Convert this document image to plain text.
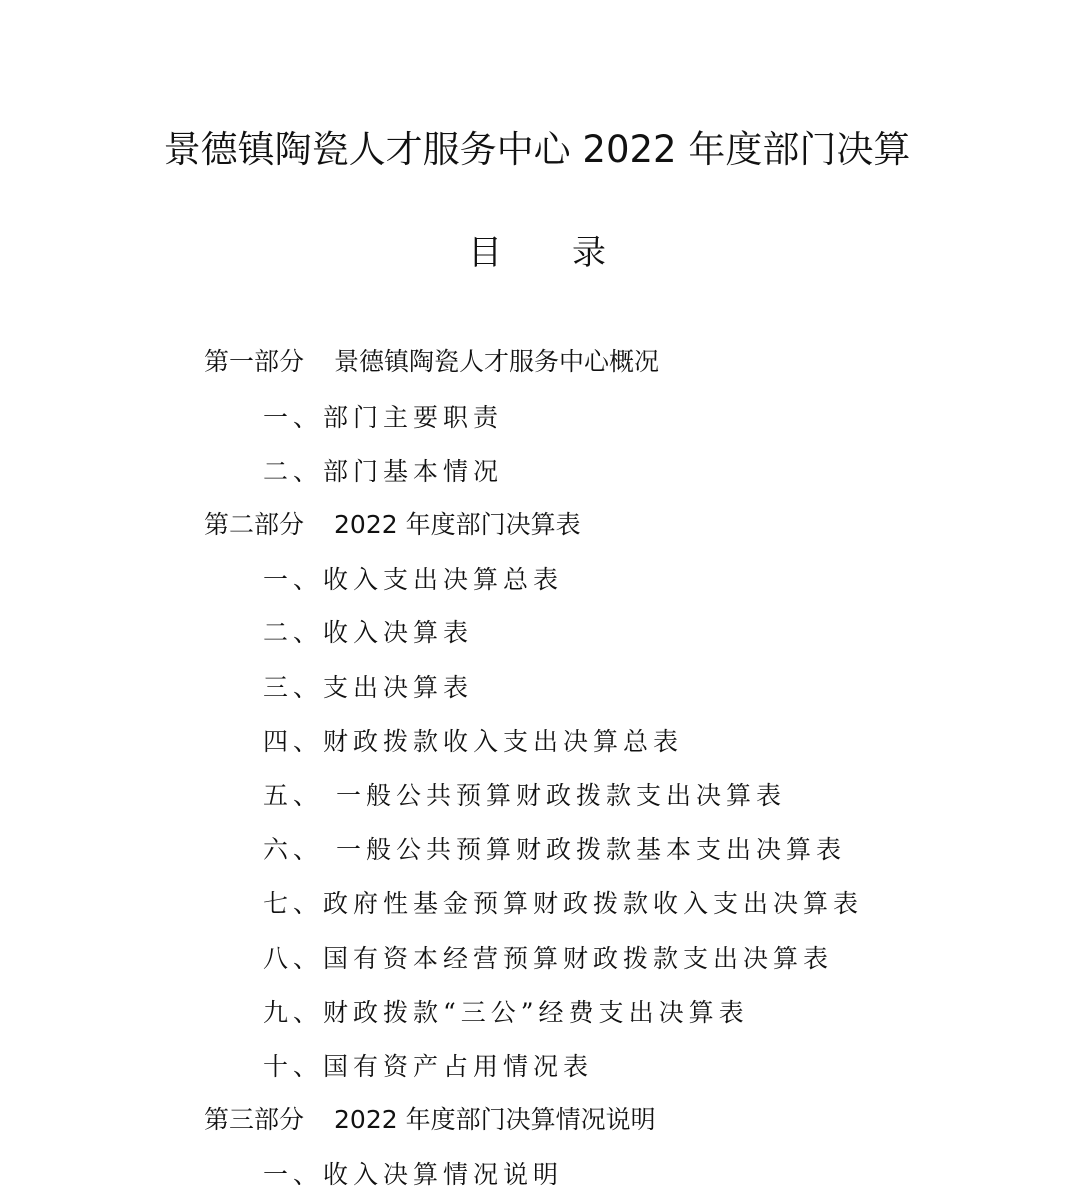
景德镇陶瓷人才服务中心 2022 年度部门决算
目 录
第一部分 景德镇陶瓷人才服务中心概况
一、部门主要职责
二、部门基本情况
第二部分 2022 年度部门决算表
一、收入支出决算总表
二、收入决算表
三、支出决算表
四、财政拨款收入支出决算总表
五、 一般公共预算财政拨款支出决算表
六、 一般公共预算财政拨款基本支出决算表
七、政府性基金预算财政拨款收入支出决算表
八、国有资本经营预算财政拨款支出决算表
九、财政拨款“三公”经费支出决算表
十、国有资产占用情况表
第三部分 2022 年度部门决算情况说明
一、收入决算情况说明
